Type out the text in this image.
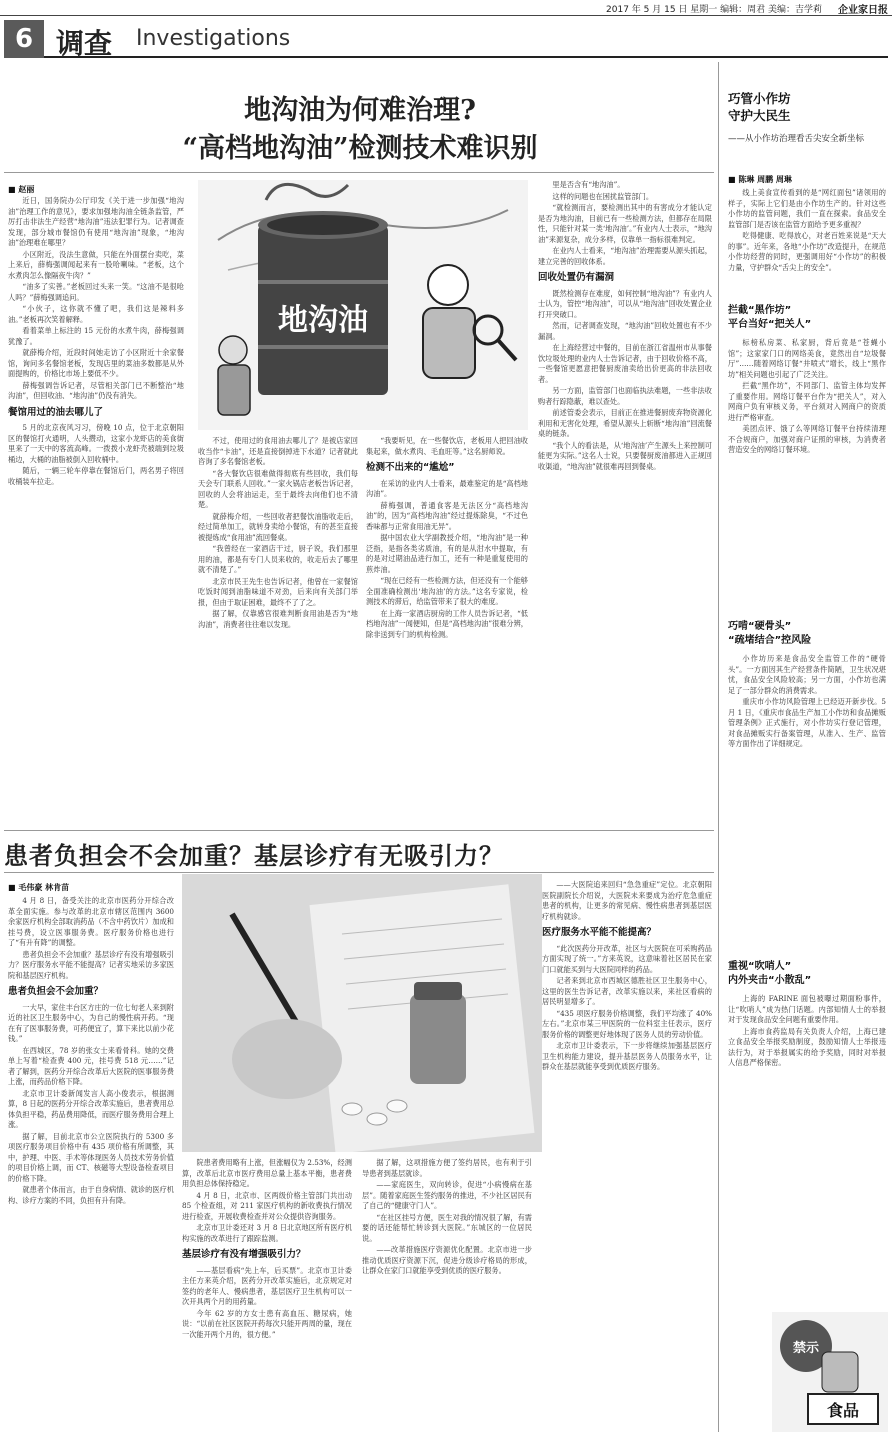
2017 年 5 月 15 日 星期一 编辑：周君 美编：吉学莉 企业家日报
6 调查 Investigations
地沟油为何难治理?
“高档地沟油”检测技术难识别
■ 赵丽
地沟油

近日，国务院办公厅印发《关于进一步加强“地沟油”治理工作的意见》，要求加强地沟油全链条监管，严厉打击非法生产经营“地沟油”违法犯罪行为。记者调查发现，部分城市餐馆仍有使用“地沟油”现象，“地沟油”治理难在哪里？

小区附近，没法生意做，只能在外面摆台卖吃，菜上来后，薛梅强调闻起来有一股哈喇味。“老板，这个水煮肉怎么像隔夜牛肉？”

“油多了实善。”老板回过头来一笑。“这油不是很呛人吗？”薛梅强调追问。

“小伙子，这你就不懂了吧，我们这是辣料多油。”老板再次笑着解释。

看着菜单上标注的 15 元份的水煮牛肉，薛梅强调犹豫了。

就薛梅介绍，近段时间她走访了小区附近十余家餐馆，询问多名餐馆老板，发现店里的菜油多数都是从外面提购的，价格比市场上要低不少。

薛梅强调告诉记者，尽管相关部门已不断整治“地沟油”，但回收油、“地沟油”仍没有消失。

餐馆用过的油去哪儿了

5 月的北京夜风习习，傍晚 10 点，位于北京朝阳区的餐馆打火通明，人头攒动，这家小龙虾店的美食街里来了一天中的客流高峰。一拨拨小龙虾壳被端到垃圾桶边，大桶的油脂被倒入回收桶中。

随后，一辆三轮车停靠在餐馆后门，两名男子将回收桶装车拉走。

不过，使用过的食用油去哪儿了？是被店家回收当作“卡油”，还是直接倒掉进下水道？记者就此咨询了多名餐馆老板。

“各大餐饮店很难做得彻底有些回收，我们每天会专门联系人回收。”一家火锅店老板告诉记者，回收的人会将油运走，至于最终去向他们也不清楚。

就薛梅介绍，一些回收者把餐饮油脂收走后，经过简单加工，就转身卖给小餐馆，有的甚至直接被提炼成“食用油”流回餐桌。

“我曾经在一家酒店干过，厨子说，我们那里用的油，都是有专门人员来收的，收走后去了哪里就不清楚了。”

北京市民王先生也告诉记者，他曾在一家餐馆吃饭时闻到油脂味道不对劲，后来向有关部门举报，但由于取证困难，最终不了了之。

据了解，仅靠感官很难判断食用油是否为“地沟油”，消费者往往难以发现。

“我要听见，在一些餐饮店，老板用人把回油收集起来，做水煮肉、毛血旺等。”这名厨师说。

检测不出来的“尴尬”

在采访的业内人士看来，最难鉴定的是“高档地沟油”。

薛梅强调，普通食客是无法区分“高档地沟油”的，因为“高档地沟油”经过提炼除臭，“不过色香味都与正常食用油无异”。

据中国农业大学副教授介绍，“地沟油”是一种泛指，是指各类劣质油，有的是从泔水中提取，有的是对过期油品进行加工，还有一种是重复使用的煎炸油。

“现在已经有一些检测方法，但还没有一个能够全面准确检测出‘地沟油’的方法。”这名专家说，检测技术的滞后，给监管带来了很大的难度。

在上海一家酒店厨房的工作人员告诉记者，“低档地沟油”一闻便知，但是“高档地沟油”很难分辨，除非送到专门的机构检测。

里是否含有“地沟油”。

这样的问题也在困扰监管部门。

“就检测而言，要检测出其中的有害成分才能认定是否为地沟油，目前已有一些检测方法，但都存在局限性，只能针对某一类‘地沟油’。”有业内人士表示，“地沟油”来源复杂，成分多样，仅靠单一指标很难判定。

在业内人士看来，“地沟油”治理需要从源头抓起，建立完善的回收体系。

回收处置仍有漏洞

既然检测存在难度，如何控制“地沟油”？有业内人士认为，管控“地沟油”，可以从“地沟油”回收处置企业打开突破口。

然而，记者调查发现，“地沟油”回收处置也有不少漏洞。

在上海经营过中餐的，目前在浙江省温州市从事餐饮垃圾处理的业内人士告诉记者，由于回收价格不高，一些餐馆更愿意把餐厨废油卖给出价更高的非法回收者。

另一方面，监管部门也面临执法难题，一些非法收购者行踪隐蔽，难以查处。

前述管委会表示，目前正在推进餐厨废弃物资源化利用和无害化处理，希望从源头上斩断“地沟油”回流餐桌的链条。

“我个人的看法是，从‘地沟油’产生源头上来控制可能更为实际。”这名人士说，只要餐厨废油都进入正规回收渠道，“地沟油”就很难再回到餐桌。

患者负担会不会加重？基层诊疗有无吸引力？
■ 毛伟豪 林肯苗

4 月 8 日，备受关注的北京市医药分开综合改革全面实施。参与改革的北京市辖区范围内 3600 余家医疗机构全部取消药品（不含中药饮片）加成和挂号费，设立医事服务费。医疗服务价格也进行了“有升有降”的调整。

患者负担会不会加重？基层诊疗有没有增强吸引力？医疗服务水平能不能提高？记者实地采访多家医院和基层医疗机构。

患者负担会不会加重？

一大早，家住丰台区方庄的一位七旬老人来到附近的社区卫生服务中心，为自己的慢性病开药。“现在有了医事服务费，可药便宜了，算下来比以前少花钱。”

在西城区，78 岁的张女士来看骨科。她的交费单上写着“检查费 400 元，挂号费 518 元……”记者了解到，医药分开综合改革后大医院的医事服务费上涨，而药品价格下降。

北京市卫计委新闻发言人高小俊表示，根据测算，8 日起的医药分开综合改革实施后，患者费用总体负担平稳，药品费用降低，而医疗服务费用合理上涨。

据了解，目前北京市公立医院执行的 5300 多项医疗服务项目价格中有 435 项价格有所调整，其中，护理、中医、手术等体现医务人员技术劳务价值的项目价格上调，而 CT、核磁等大型设备检查项目的价格下降。

就患者个体而言，由于自身病情、就诊的医疗机构、诊疗方案的不同，负担有升有降。

院患者费用略有上涨，但涨幅仅为 2.53%，经测算，改革后北京市医疗费用总量上基本平衡，患者费用负担总体保持稳定。

4 月 8 日，北京市、区两级价格主管部门共出动 85 个检查组，对 211 家医疗机构的新收费执行情况进行检查，开展收费检查并对公众提供咨询服务。

北京市卫计委还对 3 月 8 日北京地区所有医疗机构实施的改革进行了跟踪监测。

基层诊疗有没有增强吸引力？

——基层看病“先上车，后买票”。北京市卫计委主任方来英介绍，医药分开改革实施后，北京规定对签约的老年人、慢病患者，基层医疗卫生机构可以一次开具两个月的用药量。

今年 62 岁的方女士患有高血压、糖尿病，她说：“以前在社区医院开药每次只能开两周的量，现在一次能开两个月的，很方便。”

据了解，这项措施方便了签约居民，也有利于引导患者到基层就诊。

——家庭医生，双向转诊，促进“小病慢病在基层”。随着家庭医生签约服务的推进，不少社区居民有了自己的“健康守门人”。

“在社区挂号方便，医生对我的情况很了解，有需要的话还能帮忙转诊到大医院。”东城区的一位居民说。

——改革措施医疗资源优化配置。北京市进一步推动优质医疗资源下沉，促进分级诊疗格局的形成，让群众在家门口就能享受到优质的医疗服务。

——大医院追来回归“急急重症”定位。北京朝阳医院副院长介绍说，大医院未来要成为治疗危急重症患者的机构，让更多的常见病、慢性病患者到基层医疗机构就诊。

医疗服务水平能不能提高？

“此次医药分开改革，社区与大医院在可采购药品方面实现了统一。”方来英说，这意味着社区居民在家门口就能买到与大医院同样的药品。

记者来到北京市西城区德胜社区卫生服务中心，这里的医生告诉记者，改革实施以来，来社区看病的居民明显增多了。

“435 项医疗服务价格调整，我们平均涨了 40%左右。”北京市某三甲医院的一位科室主任表示，医疗服务价格的调整更好地体现了医务人员的劳动价值。

北京市卫计委表示，下一步将继续加强基层医疗卫生机构能力建设，提升基层医务人员服务水平，让群众在基层就能享受到优质医疗服务。

巧管小作坊
守护大民生
——从小作坊治理看舌尖安全新坐标
■ 陈琳 周鹏 周琳

线上美食宣传看到的是“网红面包”诸领用的样子，实际上它们是由小作坊生产的。针对这些小作坊的监管问题，我们一直在探索。食品安全监管部门是否该在监管方面给予更多重视？

吃得健康、吃得放心，对老百姓来说是“天大的事”。近年来，各地“小作坊”改造提升，在规范小作坊经营的同时，更强调用好“小作坊”的积极力量，守护群众“舌尖上的安全”。

拦截“黑作坊”
平台当好“把关人”

标榜私房菜、私家厨，背后竟是“苍蝇小馆”；这家家门口的网络美食，竟然出自“垃圾餐厅”……随着网络订餐“井喷式”增长，线上“黑作坊”相关问题也引起了广泛关注。

拦截“黑作坊”，不同部门、监管主体均发挥了重要作用。网络订餐平台作为“把关人”，对入网商户负有审核义务，平台须对入网商户的资质进行严格审查。

美团点评、饿了么等网络订餐平台持续清理不合规商户，加强对商户证照的审核，为消费者营造安全的网络订餐环境。

巧啃“硬骨头”
“疏堵结合”控风险

小作坊历来是食品安全监管工作的“硬骨头”。一方面因其生产经营条件简陋，卫生状况堪忧，食品安全风险较高；另一方面，小作坊也满足了一部分群众的消费需求。

重庆市小作坊风险管理上已经迈开新步伐。5 月 1 日，《重庆市食品生产加工小作坊和食品摊贩管理条例》正式施行，对小作坊实行登记管理，对食品摊贩实行备案管理，从准入、生产、监管等方面作出了详细规定。

重视“吹哨人”
内外夹击“小散乱”

上海的 FARINE 面包被曝过期面粉事件，让“吹哨人”成为热门话题。内部知情人士的举报对于发现食品安全问题有重要作用。

上海市食药监局有关负责人介绍，上海已建立食品安全举报奖励制度，鼓励知情人士举报违法行为，对于举报属实的给予奖励，同时对举报人信息严格保密。

禁示
食品
